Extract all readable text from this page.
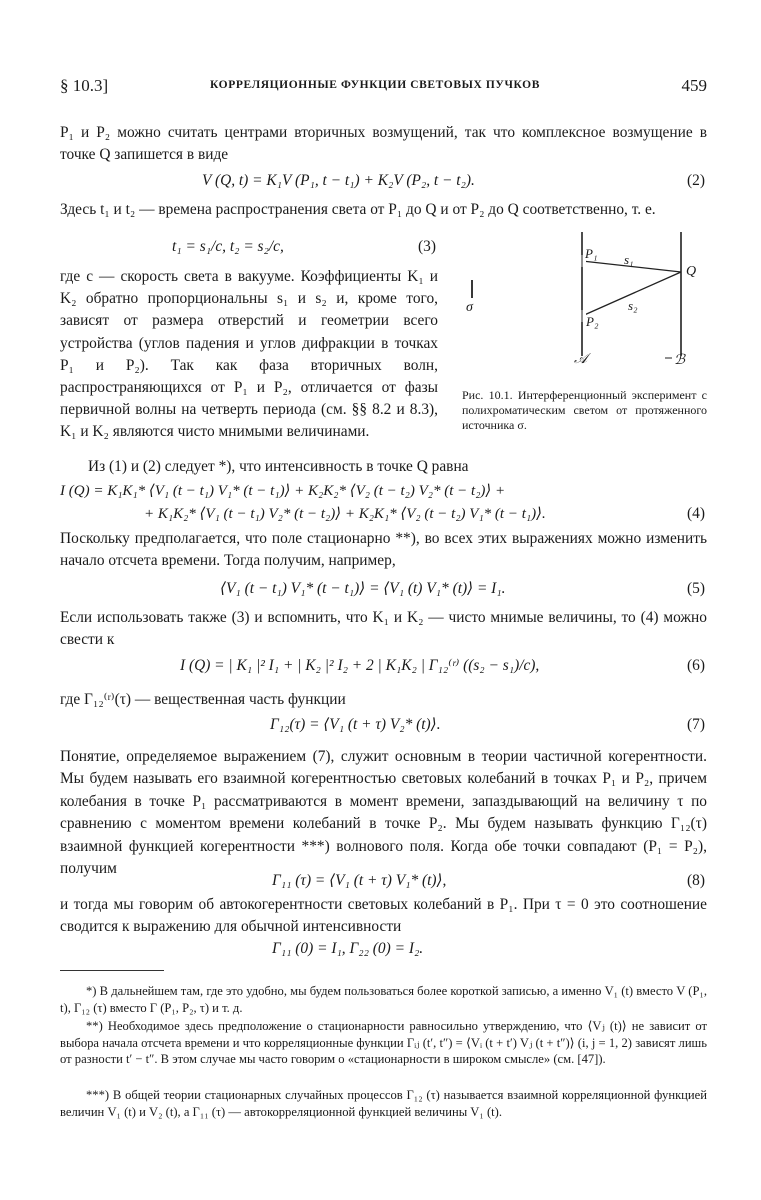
§ 10.3]	КОРРЕЛЯЦИОННЫЕ ФУНКЦИИ СВЕТОВЫХ ПУЧКОВ	459

P₁ и P₂ можно считать центрами вторичных возмущений, так что комплексное возмущение в точке Q запишется в виде

V (Q, t) = K₁V (P₁, t − t₁) + K₂V (P₂, t − t₂).	(2)

Здесь t₁ и t₂ — времена распространения света от P₁ до Q и от P₂ до Q соответственно, т. е.

t₁ = s₁/c, t₂ = s₂/c,	(3)

где c — скорость света в вакууме. Коэффициенты K₁ и K₂ обратно пропорциональны s₁ и s₂ и, кроме того, зависят от размера отверстий и геометрии всего устройства (углов падения и углов дифракции в точках P₁ и P₂). Так как фаза вторичных волн, распространяющихся от P₁ и P₂, отличается от фазы первичной волны на четверть периода (см. §§ 8.2 и 8.3), K₁ и K₂ являются чисто мнимыми величинами.

P₁ s₁
Q
s₂
P₂
σ
𝒜	ℬ

Рис. 10.1. Интерференционный эксперимент с полихроматическим светом от протяженного источника σ.

Из (1) и (2) следует *), что интенсивность в точке Q равна

I (Q) = K₁K₁* ⟨V₁ (t − t₁) V₁* (t − t₁)⟩ + K₂K₂* ⟨V₂ (t − t₂) V₂* (t − t₂)⟩ +
+ K₁K₂* ⟨V₁ (t − t₁) V₂* (t − t₂)⟩ + K₂K₁* ⟨V₂ (t − t₂) V₁* (t − t₁)⟩.	(4)

Поскольку предполагается, что поле стационарно **), во всех этих выражениях можно изменить начало отсчета времени. Тогда получим, например,

⟨V₁ (t − t₁) V₁* (t − t₁)⟩ = ⟨V₁ (t) V₁* (t)⟩ = I₁.	(5)

Если использовать также (3) и вспомнить, что K₁ и K₂ — чисто мнимые величины, то (4) можно свести к

I (Q) = | K₁ |² I₁ + | K₂ |² I₂ + 2 | K₁K₂ | Γ₁₂⁽ʳ⁾ ((s₂ − s₁)/c),	(6)

где Γ₁₂⁽ʳ⁾(τ) — вещественная часть функции

Γ₁₂(τ) = ⟨V₁ (t + τ) V₂* (t)⟩.	(7)

Понятие, определяемое выражением (7), служит основным в теории частичной когерентности. Мы будем называть его взаимной когерентностью световых колебаний в точках P₁ и P₂, причем колебания в точке P₁ рассматриваются в момент времени, запаздывающий на величину τ по сравнению с моментом времени колебаний в точке P₂. Мы будем называть функцию Γ₁₂(τ) взаимной функцией когерентности ***) волнового поля. Когда обе точки совпадают (P₁ = P₂), получим

Γ₁₁ (τ) = ⟨V₁ (t + τ) V₁* (t)⟩,	(8)

и тогда мы говорим об автокогерентности световых колебаний в P₁. При τ = 0 это соотношение сводится к выражению для обычной интенсивности

Γ₁₁ (0) = I₁, Γ₂₂ (0) = I₂.

*) В дальнейшем там, где это удобно, мы будем пользоваться более короткой записью, а именно V₁ (t) вместо V (P₁, t), Γ₁₂ (τ) вместо Γ (P₁, P₂, τ) и т. д.

**) Необходимое здесь предположение о стационарности равносильно утверждению, что ⟨Vⱼ (t)⟩ не зависит от выбора начала отсчета времени и что корреляционные функции Γᵢⱼ (t′, t″) = ⟨Vᵢ (t + t′) Vⱼ (t + t″)⟩ (i, j = 1, 2) зависят лишь от разности t′ − t″. В этом случае мы часто говорим о «стационарности в широком смысле» (см. [47]).

***) В общей теории стационарных случайных процессов Γ₁₂ (τ) называется взаимной корреляционной функцией величин V₁ (t) и V₂ (t), а Γ₁₁ (τ) — автокорреляционной функцией величины V₁ (t).
